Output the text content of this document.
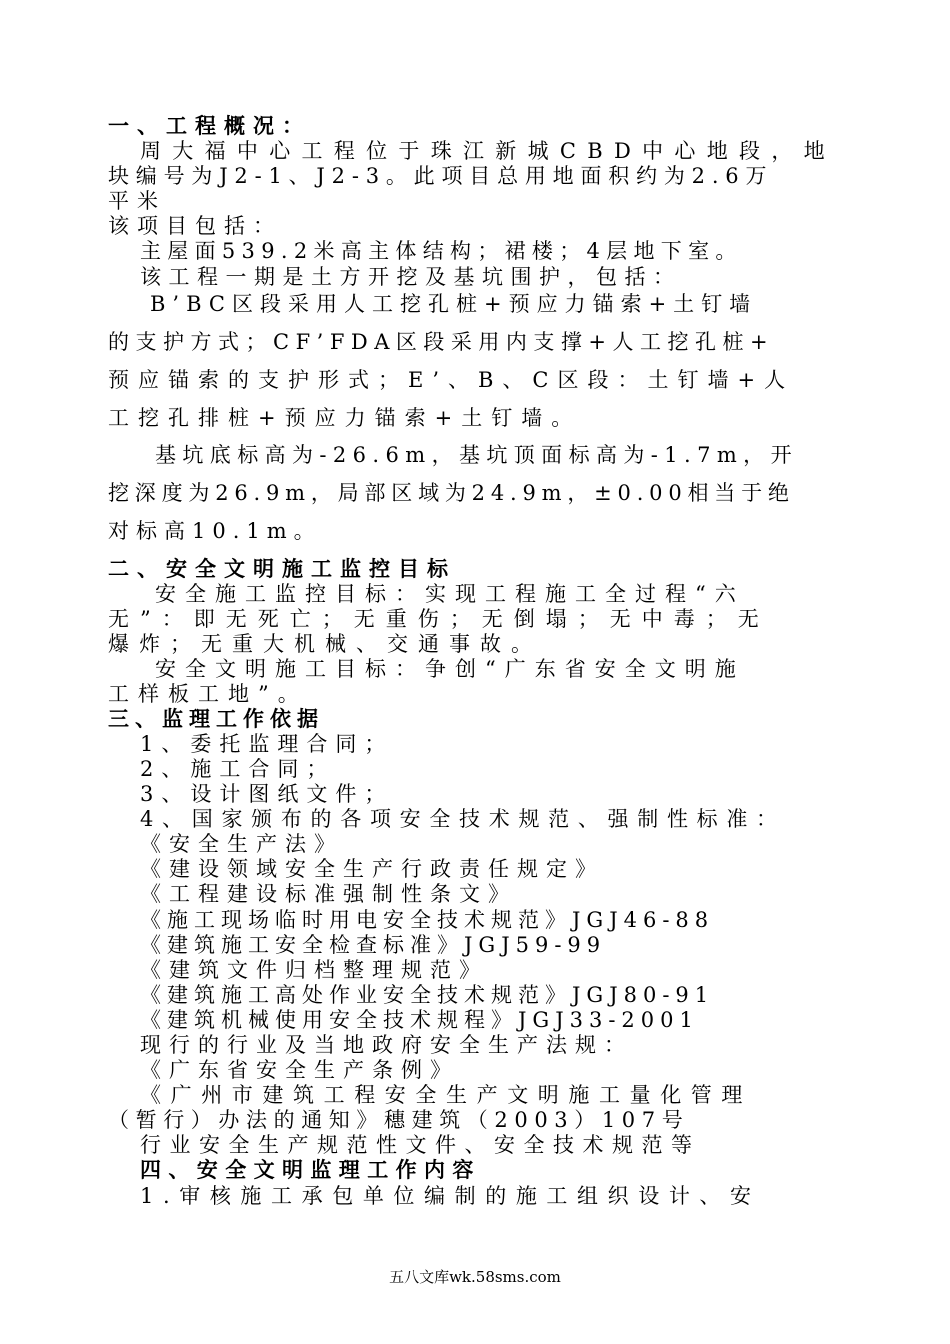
一、工程概况：
周大福中心工程位于珠江新城CBD中心地段，地
块编号为J2-1、J2-3。此项目总用地面积约为2.6万
平米
该项目包括：
主屋面539.2米高主体结构；裙楼；4层地下室。
该工程一期是土方开挖及基坑围护，包括：
B’BC区段采用人工挖孔桩+预应力锚索+土钉墙
的支护方式；CF’FDA区段采用内支撑+人工挖孔桩+
预应锚索的支护形式；E’、B、C区段：土钉墙+人
工挖孔排桩+预应力锚索+土钉墙。
基坑底标高为-26.6m，基坑顶面标高为-1.7m，开
挖深度为26.9m，局部区域为24.9m，±0.00相当于绝
对标高10.1m。
二、安全文明施工监控目标
安全施工监控目标：实现工程施工全过程“六
无”：即无死亡；无重伤；无倒塌；无中毒；无
爆炸；无重大机械、交通事故。
安全文明施工目标：争创“广东省安全文明施
工样板工地”。
三、监理工作依据
1、委托监理合同；
2、施工合同；
3、设计图纸文件；
4、国家颁布的各项安全技术规范、强制性标准：
《安全生产法》
《建设领域安全生产行政责任规定》
《工程建设标准强制性条文》
《施工现场临时用电安全技术规范》JGJ46-88
《建筑施工安全检查标准》JGJ59-99
《建筑文件归档整理规范》
《建筑施工高处作业安全技术规范》JGJ80-91
《建筑机械使用安全技术规程》JGJ33-2001
现行的行业及当地政府安全生产法规：
《广东省安全生产条例》
《广州市建筑工程安全生产文明施工量化管理
（暂行）办法的通知》穗建筑（2003）107号
行业安全生产规范性文件、安全技术规范等
四、安全文明监理工作内容
1.审核施工承包单位编制的施工组织设计、安
五八文库wk.58sms.com
